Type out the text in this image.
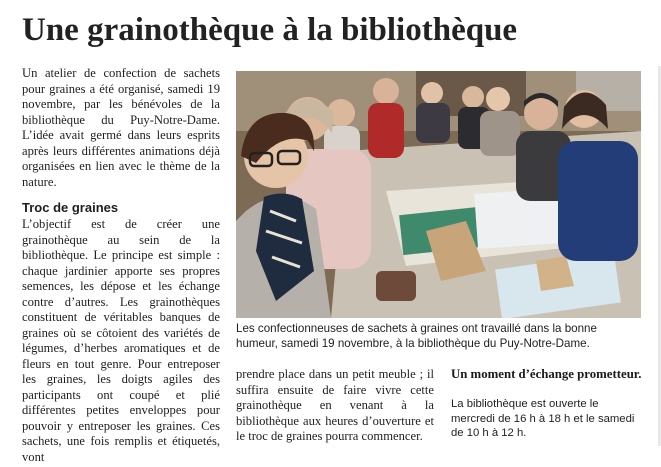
Une grainothèque à la bibliothèque

Un atelier de confection de sachets pour graines a été organisé, samedi 19 novembre, par les bénévoles de la bibliothèque du Puy-Notre-Dame. L’idée avait germé dans leurs esprits après leurs différentes animations déjà organisées en lien avec le thème de la nature.

Troc de graines

L’objectif est de créer une grainothèque au sein de la bibliothèque. Le principe est simple : chaque jardinier apporte ses propres semences, les dépose et les échange contre d’autres. Les grainothèques constituent de véritables banques de graines où se côtoient des variétés de légumes, d’herbes aromatiques et de fleurs en tout genre. Pour entreposer les graines, les doigts agiles des participants ont coupé et plié différentes petites enveloppes pour pouvoir y entreposer les graines. Ces sachets, une fois remplis et étiquetés, vont

Les confectionneuses de sachets à graines ont travaillé dans la bonne humeur, samedi 19 novembre, à la bibliothèque du Puy-Notre-Dame.

prendre place dans un petit meuble ; il suffira ensuite de faire vivre cette grainothèque en venant à la bibliothèque aux heures d’ouverture et le troc de graines pourra commencer.

Un moment d’échange prometteur.
La bibliothèque est ouverte le mercredi de 16 h à 18 h et le samedi de 10 h à 12 h.
